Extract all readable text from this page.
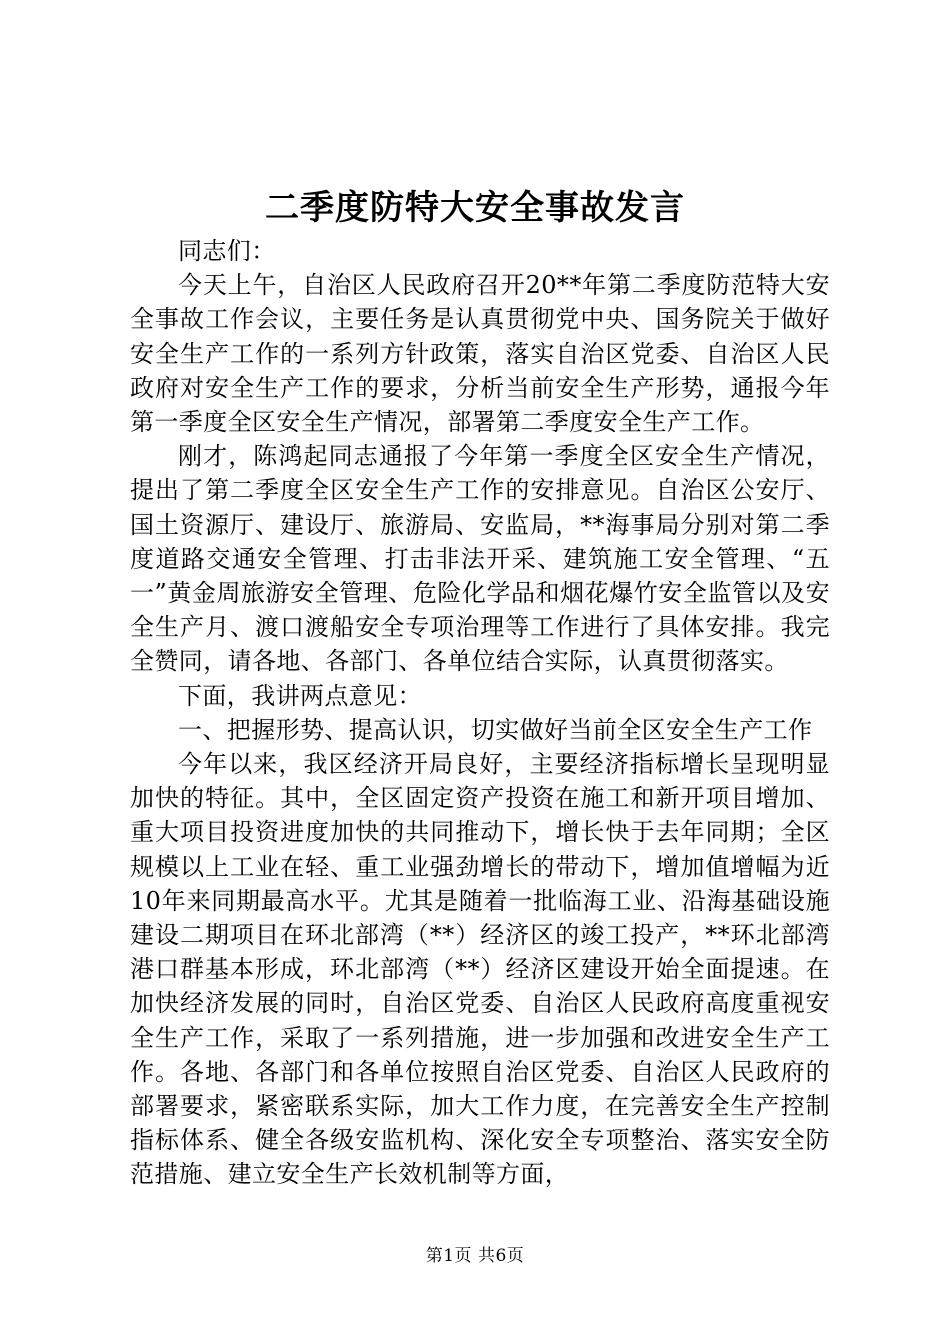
二季度防特大安全事故发言

同志们：

今天上午，自治区人民政府召开20**年第二季度防范特大安全事故工作会议，主要任务是认真贯彻党中央、国务院关于做好安全生产工作的一系列方针政策，落实自治区党委、自治区人民政府对安全生产工作的要求，分析当前安全生产形势，通报今年第一季度全区安全生产情况，部署第二季度安全生产工作。

刚才，陈鸿起同志通报了今年第一季度全区安全生产情况，提出了第二季度全区安全生产工作的安排意见。自治区公安厅、国土资源厅、建设厅、旅游局、安监局，**海事局分别对第二季度道路交通安全管理、打击非法开采、建筑施工安全管理、“五一”黄金周旅游安全管理、危险化学品和烟花爆竹安全监管以及安全生产月、渡口渡船安全专项治理等工作进行了具体安排。我完全赞同，请各地、各部门、各单位结合实际，认真贯彻落实。

下面，我讲两点意见：

一、把握形势、提高认识，切实做好当前全区安全生产工作

今年以来，我区经济开局良好，主要经济指标增长呈现明显加快的特征。其中，全区固定资产投资在施工和新开项目增加、重大项目投资进度加快的共同推动下，增长快于去年同期；全区规模以上工业在轻、重工业强劲增长的带动下，增加值增幅为近10年来同期最高水平。尤其是随着一批临海工业、沿海基础设施建设二期项目在环北部湾（**）经济区的竣工投产，**环北部湾港口群基本形成，环北部湾（**）经济区建设开始全面提速。在加快经济发展的同时，自治区党委、自治区人民政府高度重视安全生产工作，采取了一系列措施，进一步加强和改进安全生产工作。各地、各部门和各单位按照自治区党委、自治区人民政府的部署要求，紧密联系实际，加大工作力度，在完善安全生产控制指标体系、健全各级安监机构、深化安全专项整治、落实安全防范措施、建立安全生产长效机制等方面，

第1页 共6页
